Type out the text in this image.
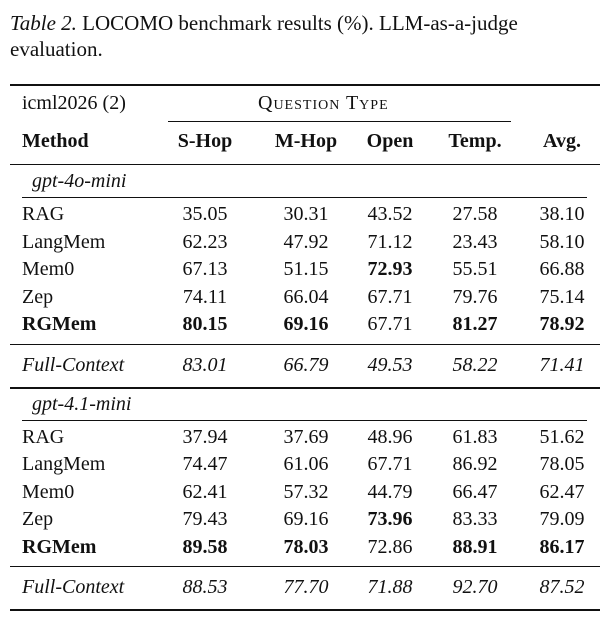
Table 2. LOCOMO benchmark results (%). LLM-as-a-judge evaluation.
icml2026 (2)	Question Type
Method	S-Hop	M-Hop	Open	Temp.	Avg.
gpt-4o-mini
RAG	35.05	30.31	43.52	27.58	38.10
LangMem	62.23	47.92	71.12	23.43	58.10
Mem0	67.13	51.15	72.93	55.51	66.88
Zep	74.11	66.04	67.71	79.76	75.14
RGMem	80.15	69.16	67.71	81.27	78.92
Full-Context	83.01	66.79	49.53	58.22	71.41
gpt-4.1-mini
RAG	37.94	37.69	48.96	61.83	51.62
LangMem	74.47	61.06	67.71	86.92	78.05
Mem0	62.41	57.32	44.79	66.47	62.47
Zep	79.43	69.16	73.96	83.33	79.09
RGMem	89.58	78.03	72.86	88.91	86.17
Full-Context	88.53	77.70	71.88	92.70	87.52
